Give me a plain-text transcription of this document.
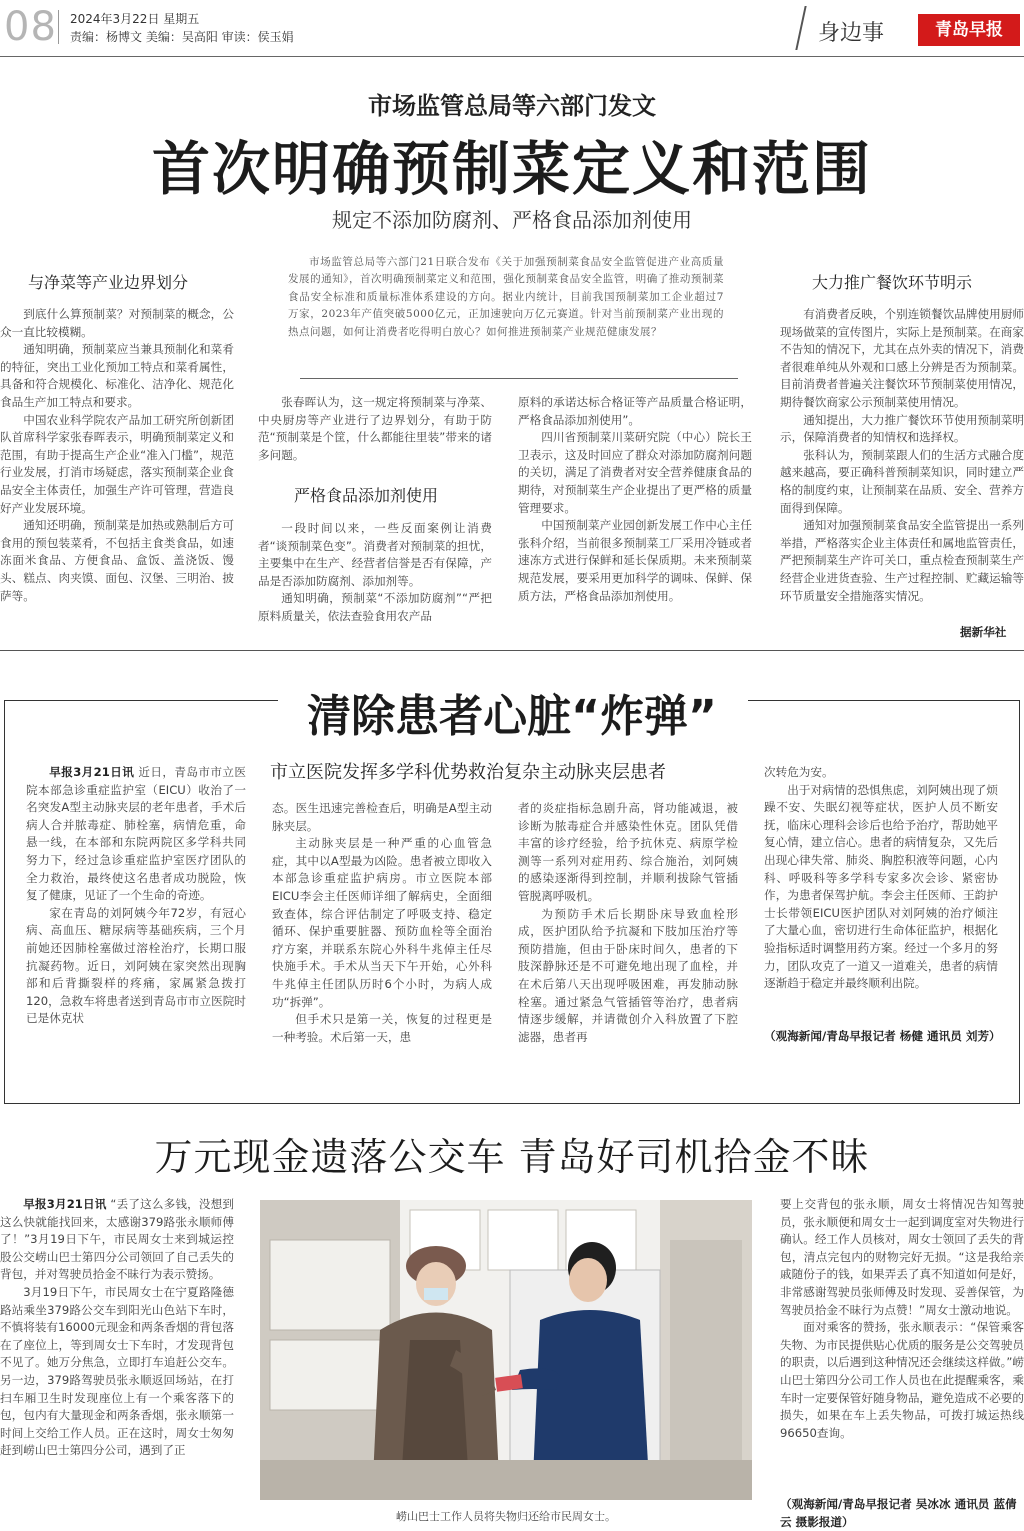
08 2024年3月22日 星期五
责编：杨博文 美编：吴高阳 审读：侯玉娟	身边事	青岛早报
市场监管总局等六部门发文
首次明确预制菜定义和范围
规定不添加防腐剂、严格食品添加剂使用
市场监管总局等六部门21日联合发布《关于加强预制菜食品安全监管促进产业高质量发展的通知》，首次明确预制菜定义和范围，强化预制菜食品安全监管，明确了推动预制菜食品安全标准和质量标准体系建设的方向。据业内统计，目前我国预制菜加工企业超过7万家，2023年产值突破5000亿元，正加速驶向万亿元赛道。针对当前预制菜产业出现的热点问题，如何让消费者吃得明白放心？如何推进预制菜产业规范健康发展？
与净菜等产业边界划分

到底什么算预制菜？对预制菜的概念，公众一直比较模糊。

通知明确，预制菜应当兼具预制化和菜肴的特征，突出工业化预加工特点和菜肴属性，具备和符合规模化、标准化、洁净化、规范化食品生产加工特点和要求。

中国农业科学院农产品加工研究所创新团队首席科学家张春晖表示，明确预制菜定义和范围，有助于提高生产企业“准入门槛”，规范行业发展，打消市场疑虑，落实预制菜企业食品安全主体责任，加强生产许可管理，营造良好产业发展环境。

通知还明确，预制菜是加热或熟制后方可食用的预包装菜肴，不包括主食类食品，如速冻面米食品、方便食品、盒饭、盖浇饭、馒头、糕点、肉夹馍、面包、汉堡、三明治、披萨等。

张春晖认为，这一规定将预制菜与净菜、中央厨房等产业进行了边界划分，有助于防范“预制菜是个筐，什么都能往里装”带来的诸多问题。

严格食品添加剂使用

一段时间以来，一些反面案例让消费者“谈预制菜色变”。消费者对预制菜的担忧，主要集中在生产、经营者信誉是否有保障，产品是否添加防腐剂、添加剂等。

通知明确，预制菜“不添加防腐剂”“严把原料质量关，依法查验食用农产品

原料的承诺达标合格证等产品质量合格证明，严格食品添加剂使用”。

四川省预制菜川菜研究院（中心）院长王卫表示，这及时回应了群众对添加防腐剂问题的关切，满足了消费者对安全营养健康食品的期待，对预制菜生产企业提出了更严格的质量管理要求。

中国预制菜产业园创新发展工作中心主任张科介绍，当前很多预制菜工厂采用冷链或者速冻方式进行保鲜和延长保质期。未来预制菜规范发展，要采用更加科学的调味、保鲜、保质方法，严格食品添加剂使用。

大力推广餐饮环节明示

有消费者反映，个别连锁餐饮品牌使用厨师现场做菜的宣传图片，实际上是预制菜。在商家不告知的情况下，尤其在点外卖的情况下，消费者很难单纯从外观和口感上分辨是否为预制菜。目前消费者普遍关注餐饮环节预制菜使用情况，期待餐饮商家公示预制菜使用情况。

通知提出，大力推广餐饮环节使用预制菜明示，保障消费者的知情权和选择权。

张科认为，预制菜跟人们的生活方式融合度越来越高，要正确科普预制菜知识，同时建立严格的制度约束，让预制菜在品质、安全、营养方面得到保障。

通知对加强预制菜食品安全监管提出一系列举措，严格落实企业主体责任和属地监管责任，严把预制菜生产许可关口，重点检查预制菜生产经营企业进货查验、生产过程控制、贮藏运输等环节质量安全措施落实情况。

据新华社
清除患者心脏“炸弹”
市立医院发挥多学科优势救治复杂主动脉夹层患者

早报3月21日讯 近日，青岛市市立医院本部急诊重症监护室（EICU）收治了一名突发A型主动脉夹层的老年患者，手术后病人合并脓毒症、肺栓塞，病情危重，命悬一线，在本部和东院两院区多学科共同努力下，经过急诊重症监护室医疗团队的全力救治，最终使这名患者成功脱险，恢复了健康，见证了一个生命的奇迹。

家在青岛的刘阿姨今年72岁，有冠心病、高血压、糖尿病等基础疾病，三个月前她还因肺栓塞做过溶栓治疗，长期口服抗凝药物。近日，刘阿姨在家突然出现胸部和后背撕裂样的疼痛，家属紧急拨打120，急救车将患者送到青岛市市立医院时已是休克状

态。医生迅速完善检查后，明确是A型主动脉夹层。

主动脉夹层是一种严重的心血管急症，其中以A型最为凶险。患者被立即收入本部急诊重症监护病房。市立医院本部EICU李会主任医师详细了解病史，全面细致查体，综合评估制定了呼吸支持、稳定循环、保护重要脏器、预防血栓等全面治疗方案，并联系东院心外科牛兆倬主任尽快施手术。手术从当天下午开始，心外科牛兆倬主任团队历时6个小时，为病人成功“拆弹”。

但手术只是第一关，恢复的过程更是一种考验。术后第一天，患

者的炎症指标急剧升高，肾功能减退，被诊断为脓毒症合并感染性休克。团队凭借丰富的诊疗经验，给予抗休克、病原学检测等一系列对症用药、综合施治，刘阿姨的感染逐渐得到控制，并顺利拔除气管插管脱离呼吸机。

为预防手术后长期卧床导致血栓形成，医护团队给予抗凝和下肢加压治疗等预防措施，但由于卧床时间久，患者的下肢深静脉还是不可避免地出现了血栓，并在术后第八天出现呼吸困难，再发肺动脉栓塞。通过紧急气管插管等治疗，患者病情逐步缓解，并请微创介入科放置了下腔滤器，患者再

次转危为安。

出于对病情的恐惧焦虑，刘阿姨出现了烦躁不安、失眠幻视等症状，医护人员不断安抚，临床心理科会诊后也给予治疗，帮助她平复心情，建立信心。患者的病情复杂，又先后出现心律失常、肺炎、胸腔积液等问题，心内科、呼吸科等多学科专家多次会诊、紧密协作，为患者保驾护航。李会主任医师、王韵护士长带领EICU医护团队对刘阿姨的治疗倾注了大量心血，密切进行生命体征监护，根据化验指标适时调整用药方案。经过一个多月的努力，团队攻克了一道又一道难关，患者的病情逐渐趋于稳定并最终顺利出院。

（观海新闻/青岛早报记者 杨健 通讯员 刘芳）
万元现金遗落公交车 青岛好司机拾金不昧

早报3月21日讯 “丢了这么多钱，没想到这么快就能找回来，太感谢379路张永顺师傅了！”3月19日下午，市民周女士来到城运控股公交崂山巴士第四分公司领回了自己丢失的背包，并对驾驶员拾金不昧行为表示赞扬。

3月19日下午，市民周女士在宁夏路隆德路站乘坐379路公交车到阳光山色站下车时，不慎将装有16000元现金和两条香烟的背包落在了座位上，等到周女士下车时，才发现背包不见了。她万分焦急，立即打车追赶公交车。另一边，379路驾驶员张永顺返回场站，在打扫车厢卫生时发现座位上有一个乘客落下的包，包内有大量现金和两条香烟，张永顺第一时间上交给工作人员。正在这时，周女士匆匆赶到崂山巴士第四分公司，遇到了正

崂山巴士工作人员将失物归还给市民周女士。

要上交背包的张永顺，周女士将情况告知驾驶员，张永顺便和周女士一起到调度室对失物进行确认。经工作人员核对，周女士领回了丢失的背包，清点完包内的财物完好无损。“这是我给亲戚随份子的钱，如果弄丢了真不知道如何是好，非常感谢驾驶员张师傅及时发现、妥善保管，为驾驶员拾金不昧行为点赞！”周女士激动地说。

面对乘客的赞扬，张永顺表示：“保管乘客失物、为市民提供贴心优质的服务是公交驾驶员的职责，以后遇到这种情况还会继续这样做。”崂山巴士第四分公司工作人员也在此提醒乘客，乘车时一定要保管好随身物品，避免造成不必要的损失，如果在车上丢失物品，可拨打城运热线96650查询。

（观海新闻/青岛早报记者 吴冰冰 通讯员 蓝倩云 摄影报道）
